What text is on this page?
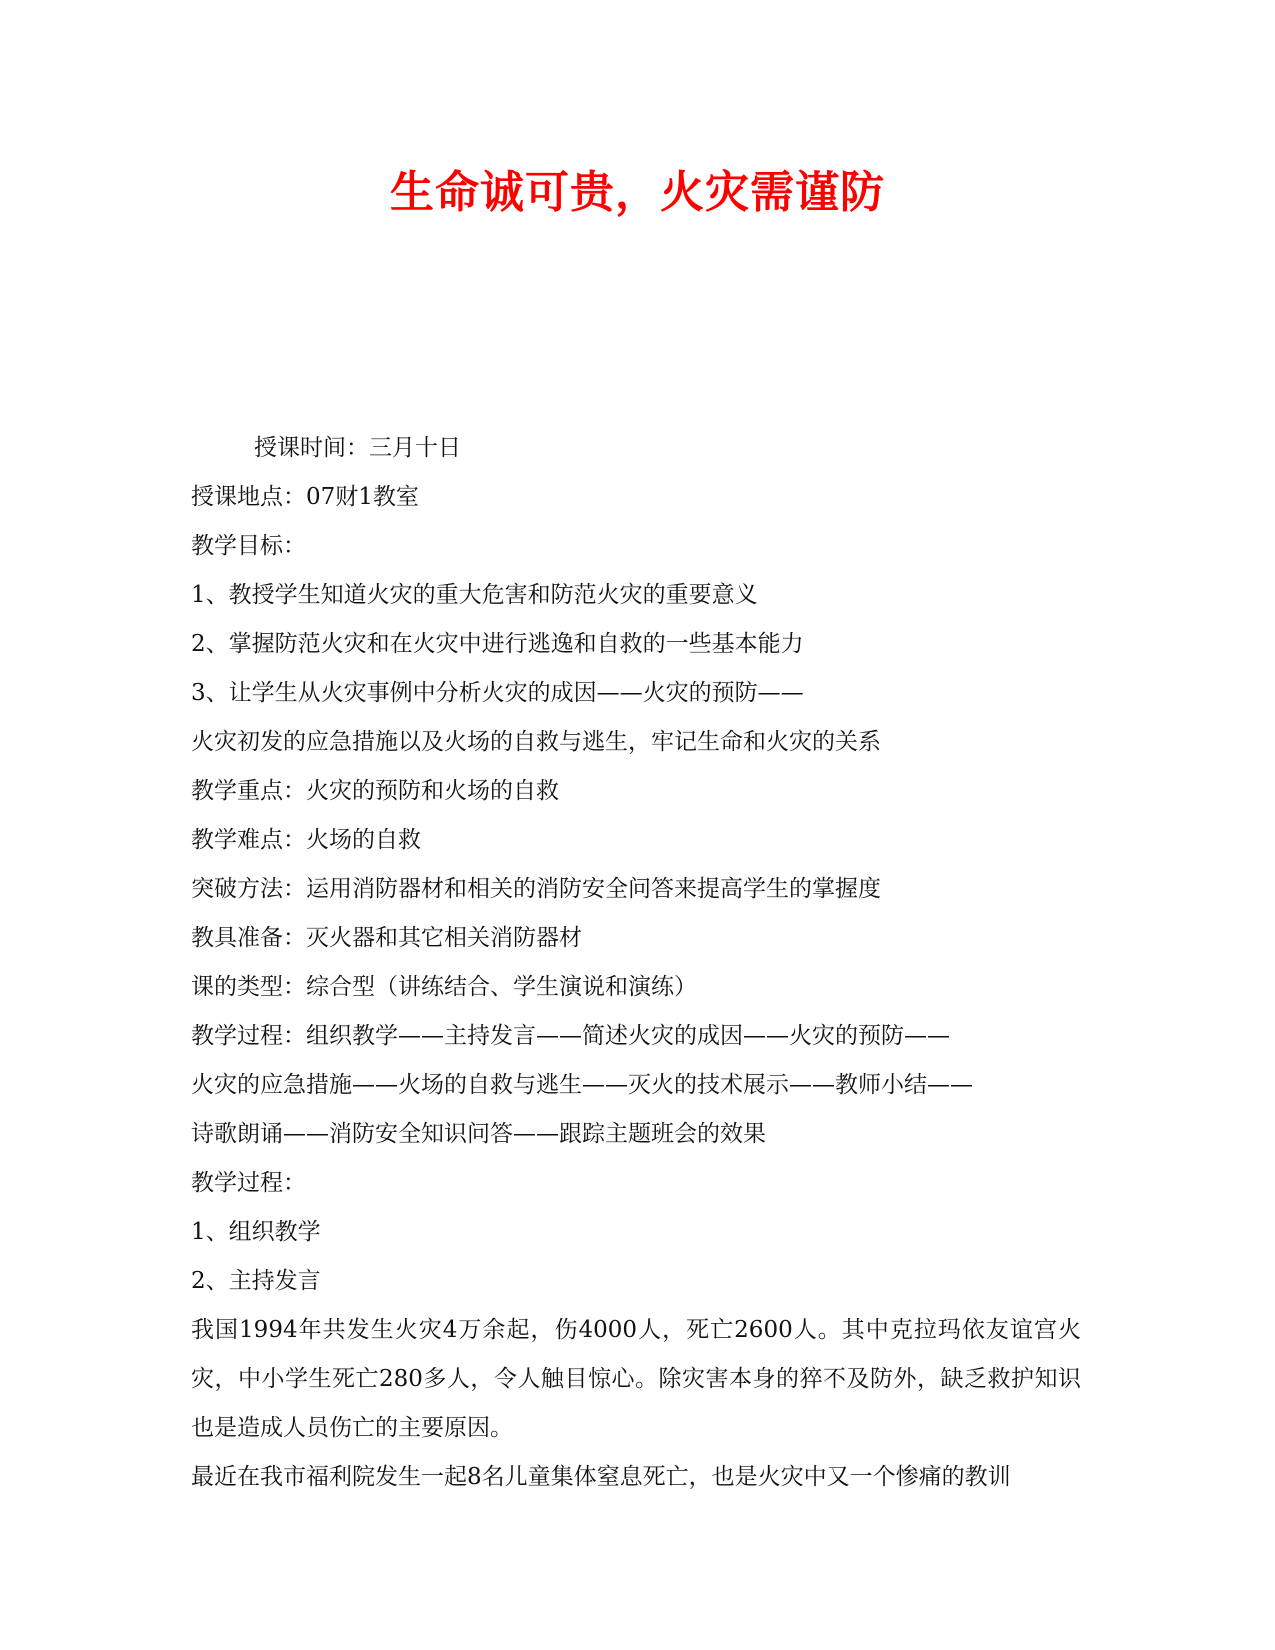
生命诚可贵，火灾需谨防

授课时间：三月十日

授课地点：07财1教室

教学目标：

1、教授学生知道火灾的重大危害和防范火灾的重要意义

2、掌握防范火灾和在火灾中进行逃逸和自救的一些基本能力

3、让学生从火灾事例中分析火灾的成因——火灾的预防——

火灾初发的应急措施以及火场的自救与逃生，牢记生命和火灾的关系

教学重点：火灾的预防和火场的自救

教学难点：火场的自救

突破方法：运用消防器材和相关的消防安全问答来提高学生的掌握度

教具准备：灭火器和其它相关消防器材

课的类型：综合型（讲练结合、学生演说和演练）

教学过程：组织教学——主持发言——简述火灾的成因——火灾的预防——

火灾的应急措施——火场的自救与逃生——灭火的技术展示——教师小结——

诗歌朗诵——消防安全知识问答——跟踪主题班会的效果

教学过程：

1、组织教学

2、主持发言

我国1994年共发生火灾4万余起，伤4000人，死亡2600人。其中克拉玛依友谊宫火灾，中小学生死亡280多人，令人触目惊心。除灾害本身的猝不及防外，缺乏救护知识也是造成人员伤亡的主要原因。

最近在我市福利院发生一起8名儿童集体窒息死亡，也是火灾中又一个惨痛的教训
